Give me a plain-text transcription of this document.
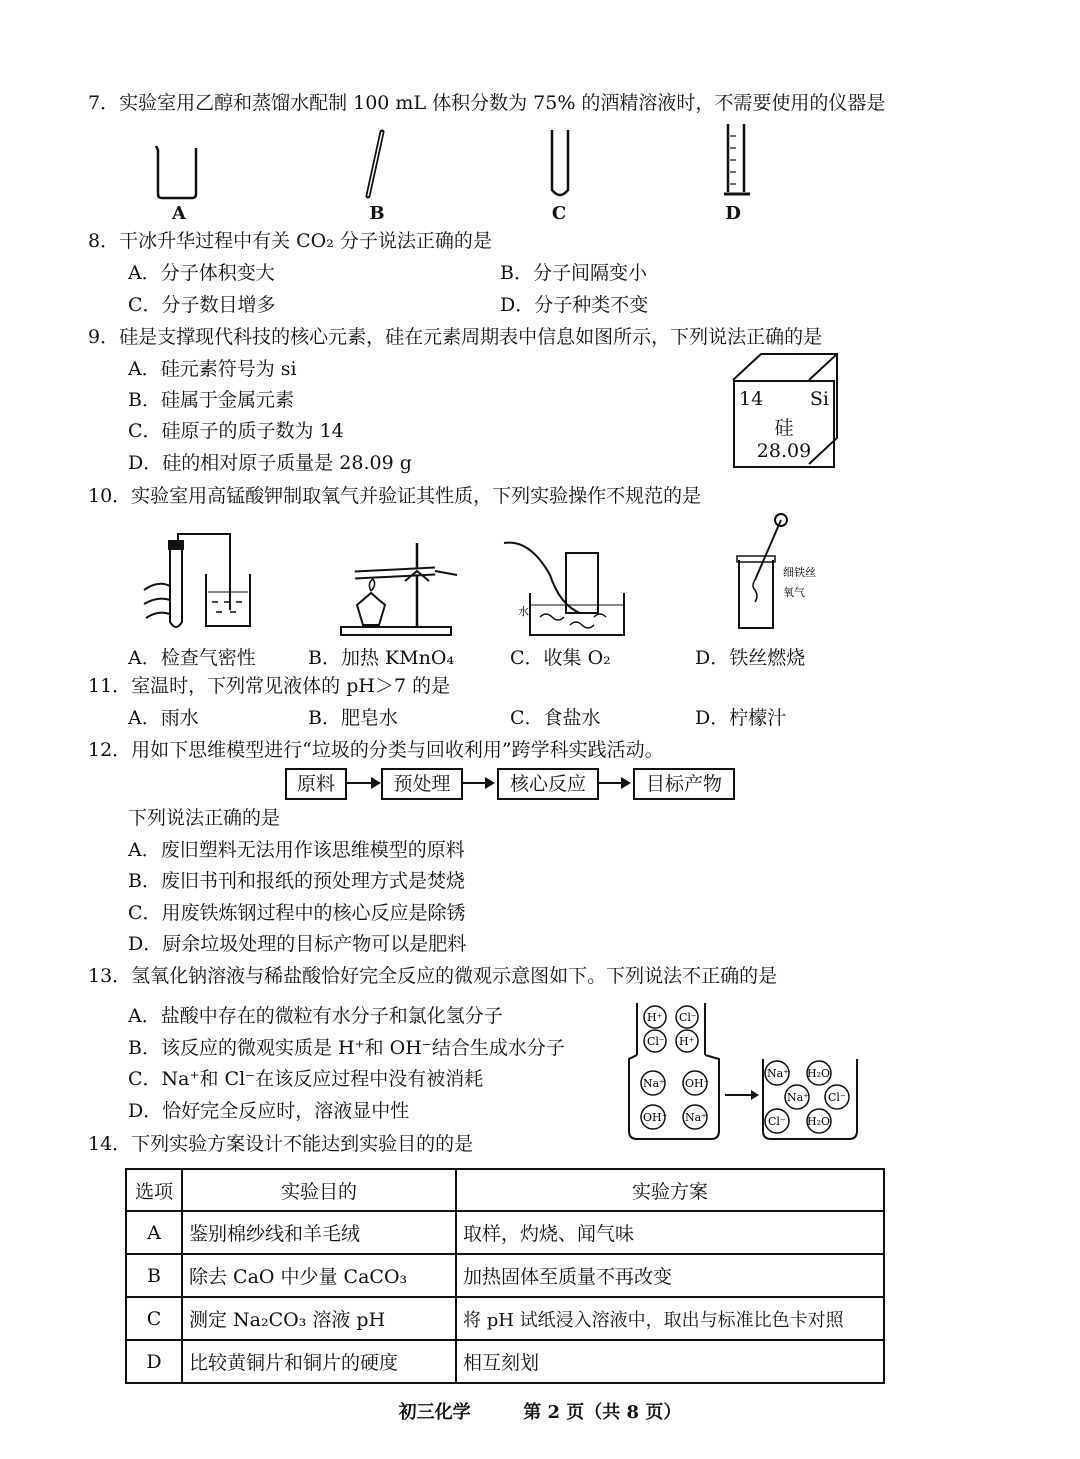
7．实验室用乙醇和蒸馏水配制 100 mL 体积分数为 75% 的酒精溶液时，不需要使用的仪器是
A	B	C	D
8．干冰升华过程中有关 CO₂ 分子说法正确的是
A．分子体积变大	B．分子间隔变小
C．分子数目增多	D．分子种类不变
9．硅是支撑现代科技的核心元素，硅在元素周期表中信息如图所示，下列说法正确的是
A．硅元素符号为 si
B．硅属于金属元素
C．硅原子的质子数为 14
D．硅的相对原子质量是 28.09 g
14 Si
硅
28.09
10．实验室用高锰酸钾制取氧气并验证其性质，下列实验操作不规范的是
水
细铁丝
氧气
A．检查气密性	B．加热 KMnO₄	C．收集 O₂	D．铁丝燃烧
11．室温时，下列常见液体的 pH＞7 的是
A．雨水	B．肥皂水	C．食盐水	D．柠檬汁
12．用如下思维模型进行“垃圾的分类与回收利用”跨学科实践活动。
原料	预处理	核心反应	目标产物
下列说法正确的是
A．废旧塑料无法用作该思维模型的原料
B．废旧书刊和报纸的预处理方式是焚烧
C．用废铁炼钢过程中的核心反应是除锈
D．厨余垃圾处理的目标产物可以是肥料
13．氢氧化钠溶液与稀盐酸恰好完全反应的微观示意图如下。下列说法不正确的是
A．盐酸中存在的微粒有水分子和氯化氢分子
B．该反应的微观实质是 H⁺和 OH⁻结合生成水分子
C．Na⁺和 Cl⁻在该反应过程中没有被消耗
D．恰好完全反应时，溶液显中性
H⁺ Cl⁻
Cl⁻ H⁺
Na⁺ OH⁻
OH⁻ Na⁺
Na⁺ H₂O
Na⁺ Cl⁻
Cl⁻ H₂O
14．下列实验方案设计不能达到实验目的的是
选项	实验目的	实验方案
A	鉴别棉纱线和羊毛绒	取样，灼烧、闻气味
B	除去 CaO 中少量 CaCO₃	加热固体至质量不再改变
C	测定 Na₂CO₃ 溶液 pH	将 pH 试纸浸入溶液中，取出与标准比色卡对照
D	比较黄铜片和铜片的硬度	相互刻划
初三化学	第 2 页（共 8 页）
